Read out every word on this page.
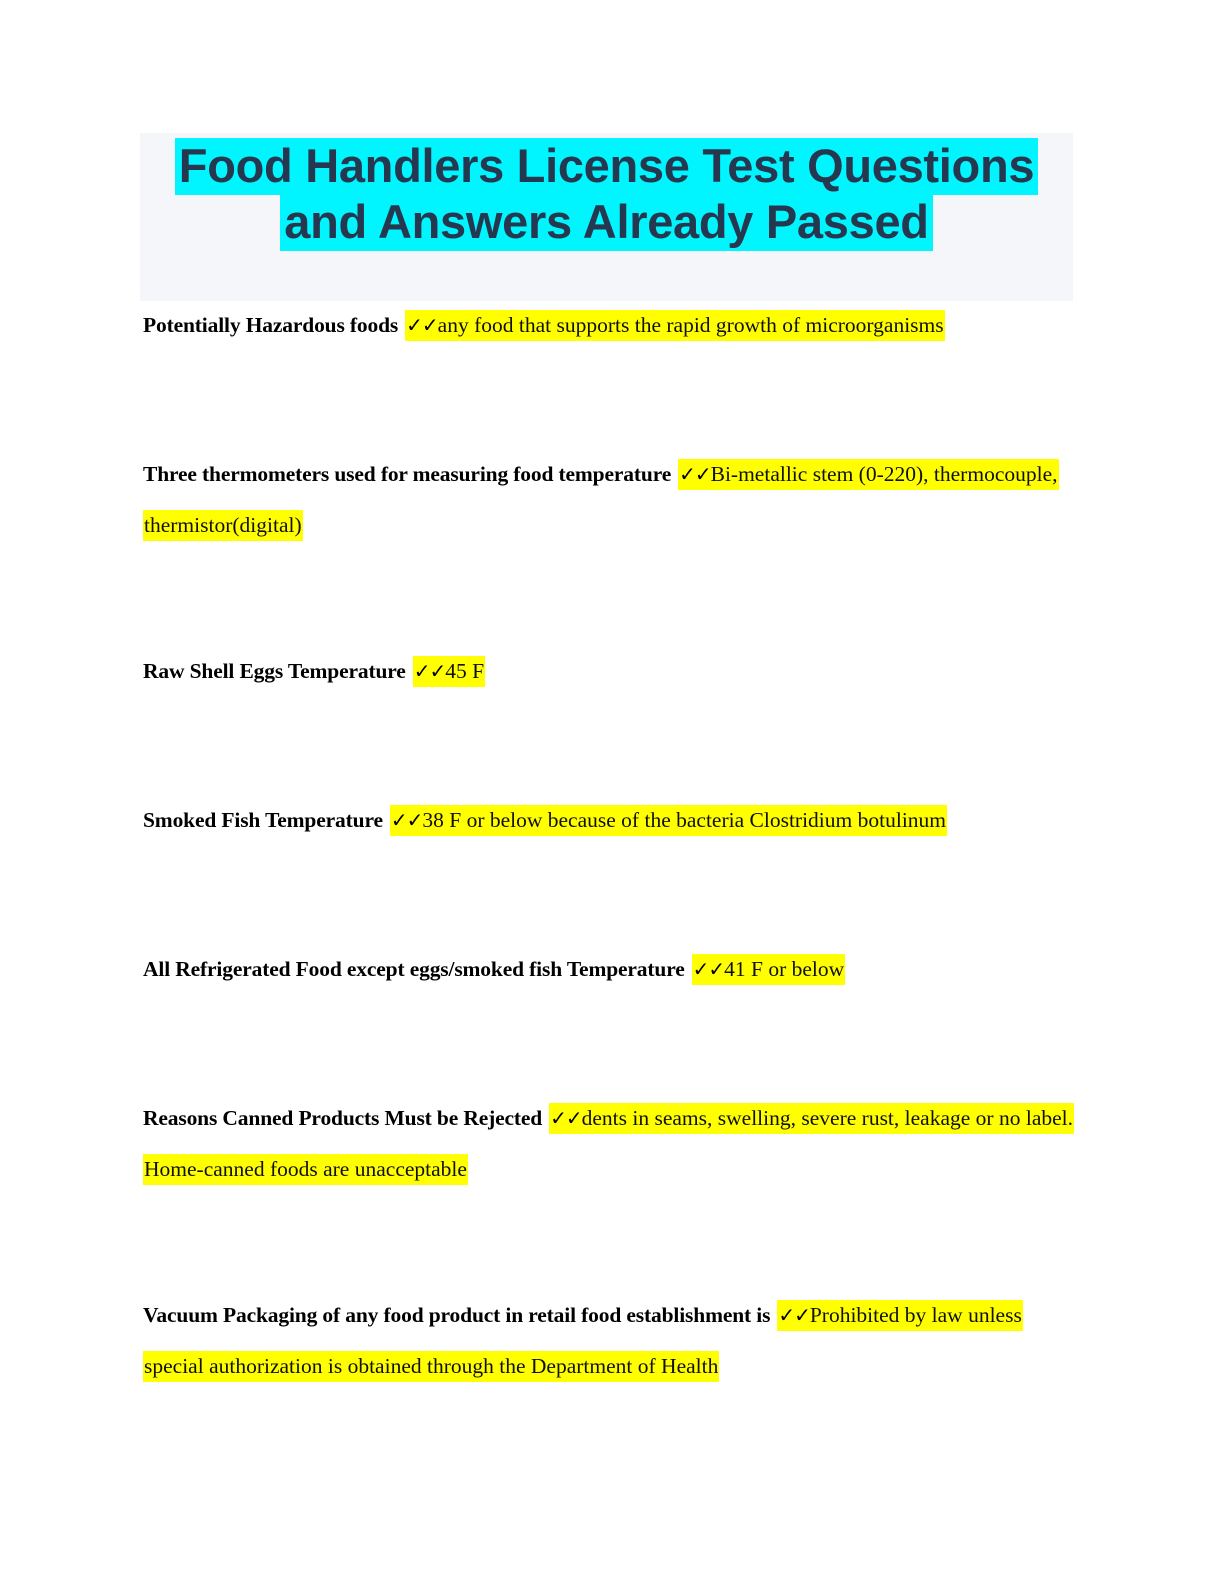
Food Handlers License Test Questions
and Answers Already Passed
Potentially Hazardous foods ✓✓any food that supports the rapid growth of microorganisms
Three thermometers used for measuring food temperature ✓✓Bi-metallic stem (0-220), thermocouple, thermistor(digital)
Raw Shell Eggs Temperature ✓✓45 F
Smoked Fish Temperature ✓✓38 F or below because of the bacteria Clostridium botulinum
All Refrigerated Food except eggs/smoked fish Temperature ✓✓41 F or below
Reasons Canned Products Must be Rejected ✓✓dents in seams, swelling, severe rust, leakage or no label. Home-canned foods are unacceptable
Vacuum Packaging of any food product in retail food establishment is ✓✓Prohibited by law unless special authorization is obtained through the Department of Health
